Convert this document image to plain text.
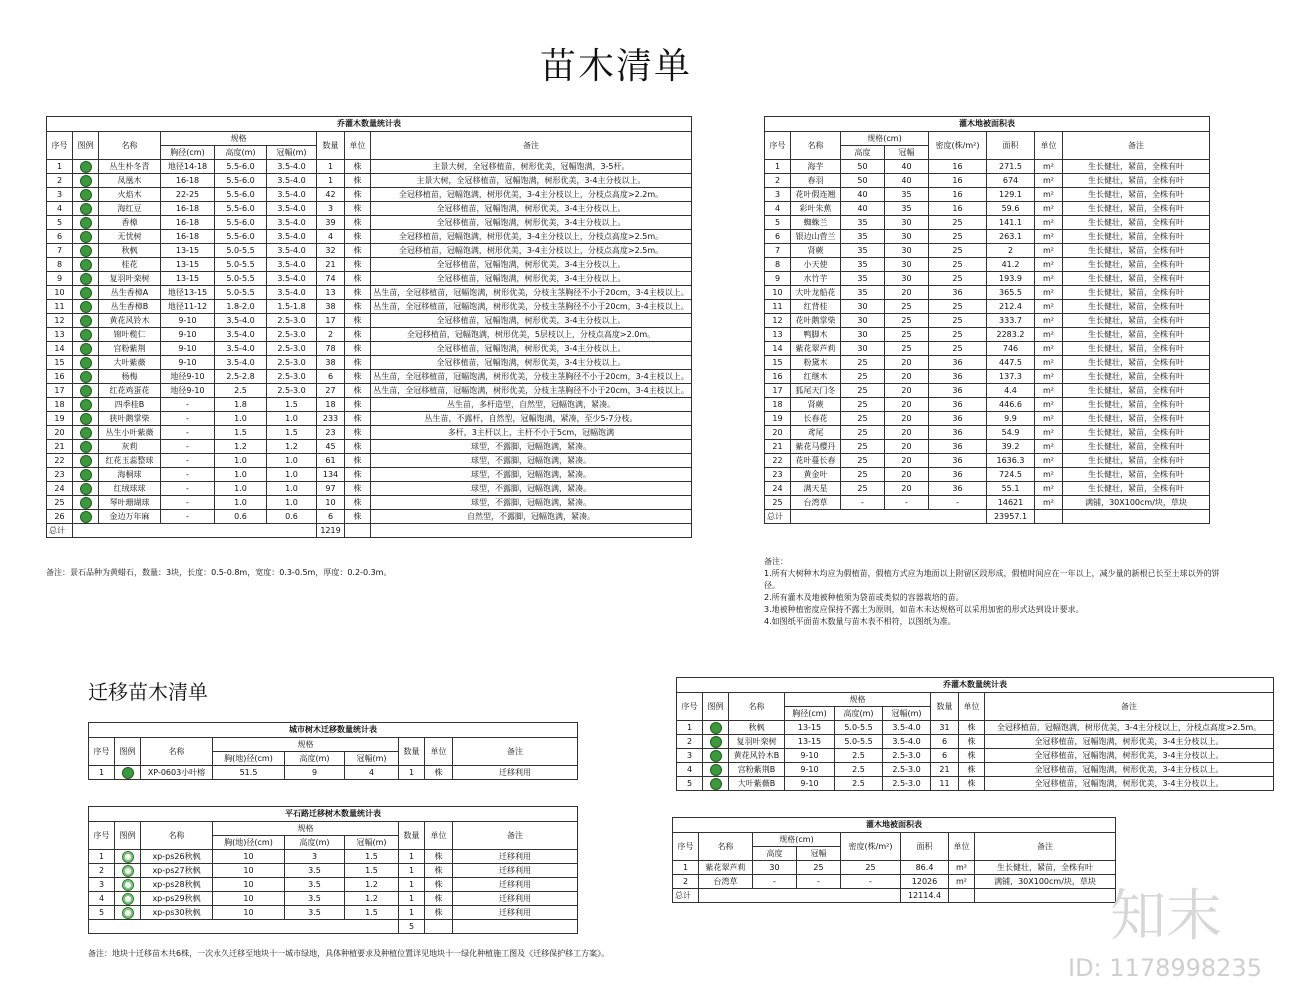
苗木清单
迁移苗木清单
乔灌木数量统计表								
序号	图例	名称	规格			数量	单位	备注
			胸径(cm)	高度(m)	冠幅(m)			
1		丛生朴冬青	地径14-18	5.5-6.0	3.5-4.0	1	株	主景大树，全冠移植苗，树形优美，冠幅饱满，3-5杆。
2		凤凰木	16-18	5.5-6.0	3.5-4.0	1	株	主景大树，全冠移植苗，冠幅饱满，树形优美，3-4主分枝以上。
3		火焰木	22-25	5.5-6.0	3.5-4.0	42	株	全冠移植苗，冠幅饱满，树形优美，3-4主分枝以上，分枝点高度>2.2m。
4		海红豆	16-18	5.5-6.0	3.5-4.0	3	株	全冠移植苗，冠幅饱满，树形优美，3-4主分枝以上。
5		香樟	16-18	5.5-6.0	3.5-4.0	39	株	全冠移植苗，冠幅饱满，树形优美，3-4主分枝以上。
6		无忧树	16-18	5.5-6.0	3.5-4.0	4	株	全冠移植苗，冠幅饱满，树形优美，3-4主分枝以上，分枝点高度>2.5m。
7		秋枫	13-15	5.0-5.5	3.5-4.0	32	株	全冠移植苗，冠幅饱满，树形优美，3-4主分枝以上，分枝点高度>2.5m。
8		桂花	13-15	5.0-5.5	3.5-4.0	21	株	全冠移植苗，冠幅饱满，树形优美，3-4主分枝以上。
9		复羽叶栾树	13-15	5.0-5.5	3.5-4.0	74	株	全冠移植苗，冠幅饱满，树形优美，3-4主分枝以上。
10		丛生香樟A	地径13-15	5.0-5.5	3.5-4.0	13	株	丛生苗，全冠移植苗，冠幅饱满，树形优美，分枝主茎胸径不小于20cm，3-4主枝以上。
11		丛生香樟B	地径11-12	1.8-2.0	1.5-1.8	38	株	丛生苗，全冠移植苗，冠幅饱满，树形优美，分枝主茎胸径不小于20cm，3-4主枝以上。
12		黄花风铃木	9-10	3.5-4.0	2.5-3.0	17	株	全冠移植苗，冠幅饱满，树形优美，3-4主分枝以上。
13		锦叶榄仁	9-10	3.5-4.0	2.5-3.0	2	株	全冠移植苗，冠幅饱满，树形优美，5层枝以上，分枝点高度>2.0m。
14		宫粉紫荆	9-10	3.5-4.0	2.5-3.0	78	株	全冠移植苗，冠幅饱满，树形优美，3-4主分枝以上。
15		大叶紫薇	9-10	3.5-4.0	2.5-3.0	38	株	全冠移植苗，冠幅饱满，树形优美，3-4主分枝以上。
16		杨梅	地径9-10	2.5-2.8	2.5-3.0	6	株	丛生苗，全冠移植苗，冠幅饱满，树形优美，分枝主茎胸径不小于20cm，3-4主枝以上。
17		红花鸡蛋花	地径9-10	2.5	2.5-3.0	27	株	丛生苗，全冠移植苗，冠幅饱满，树形优美，分枝主茎胸径不小于20cm，3-4主枝以上。
18		四季桂B	-	1.8	1.5	18	株	丛生苗，多杆造型，自然型，冠幅饱满，紧凑。
19		狭叶鹅掌柴	-	1.0	1.0	233	株	丛生苗，不露杆，自然型，冠幅饱满，紧凑，至少5-7分枝。
20		丛生小叶紫薇	-	1.5	1.5	23	株	多杆，3主杆以上，主杆不小于5cm，冠幅饱满
21		灰莉	-	1.2	1.2	45	株	球型，不露脚，冠幅饱满，紧凑。
22		红花玉蕊整球	-	1.0	1.0	61	株	球型，不露脚，冠幅饱满，紧凑。
23		海桐球	-	1.0	1.0	134	株	球型，不露脚，冠幅饱满，紧凑。
24		红绒球球	-	1.0	1.0	97	株	球型，不露脚，冠幅饱满，紧凑。
25		琴叶珊瑚球	-	1.0	1.0	10	株	球型，不露脚，冠幅饱满，紧凑。
26		金边万年麻	-	0.6	0.6	6	株	自然型，不露脚，冠幅饱满，紧凑。
总计						1219		
备注：景石品种为黄蜡石，数量：3块，长度：0.5-0.8m，宽度：0.3-0.5m，厚度：0.2-0.3m。
灌木地被面积表							
序号	名称	规格(cm)		密度(株/m²)	面积	单位	备注
		高度	冠幅				
1	海芋	50	40	16	271.5	m²	生长健壮，紧苗，全株有叶
2	春羽	50	40	16	674	m²	生长健壮，紧苗，全株有叶
3	花叶假连翘	40	35	16	129.1	m²	生长健壮，紧苗，全株有叶
4	彩叶朱蕉	40	35	16	59.6	m²	生长健壮，紧苗，全株有叶
5	蜘蛛兰	35	30	25	141.1	m²	生长健壮，紧苗，全株有叶
6	银边山菅兰	35	30	25	263.1	m²	生长健壮，紧苗，全株有叶
7	肾蕨	35	30	25	2	m²	生长健壮，紧苗，全株有叶
8	小天使	35	30	25	41.2	m²	生长健壮，紧苗，全株有叶
9	水竹芋	35	30	25	193.9	m²	生长健壮，紧苗，全株有叶
10	大叶龙船花	35	20	36	365.5	m²	生长健壮，紧苗，全株有叶
11	红背桂	30	25	25	212.4	m²	生长健壮，紧苗，全株有叶
12	花叶鹅掌柴	30	25	25	333.7	m²	生长健壮，紧苗，全株有叶
13	鸭脚木	30	25	25	2283.2	m²	生长健壮，紧苗，全株有叶
14	紫花翠芦莉	30	25	25	746	m²	生长健壮，紧苗，全株有叶
15	粉黛木	25	20	36	447.5	m²	生长健壮，紧苗，全株有叶
16	红继木	25	20	36	137.3	m²	生长健壮，紧苗，全株有叶
17	狐尾天门冬	25	20	36	4.4	m²	生长健壮，紧苗，全株有叶
18	肾蕨	25	20	36	446.6	m²	生长健壮，紧苗，全株有叶
19	长春花	25	20	36	9.9	m²	生长健壮，紧苗，全株有叶
20	鸢尾	25	20	36	54.9	m²	生长健壮，紧苗，全株有叶
21	紫花马樱丹	25	20	36	39.2	m²	生长健壮，紧苗，全株有叶
22	花叶蔓长春	25	20	36	1636.3	m²	生长健壮，紧苗，全株有叶
23	黄金叶	25	20	36	724.5	m²	生长健壮，紧苗，全株有叶
24	满天星	25	20	36	55.1	m²	生长健壮，紧苗，全株有叶
25	台湾草	-	-	-	14621	m²	满铺，30X100cm/块，草块
总计					23957.1		
备注：
1.所有大树种木均应为假植苗，假植方式应为地面以上附留区段形成，假植时间应在一年以上，减少量的新根已长至土球以外的饼径。
2.所有灌木及地被种植须为袋苗或类似的容器栽培的苗。
3.地被种植密度应保持不露土为原则，如苗木未达规格可以采用加密的形式达到设计要求。
4.如图纸平面苗木数量与苗木表不相符，以图纸为准。
乔灌木数量统计表								
序号	图例	名称	规格			数量	单位	备注
			胸径(cm)	高度(m)	冠幅(m)			
1		秋枫	13-15	5.0-5.5	3.5-4.0	31	株	全冠移植苗，冠幅饱满，树形优美，3-4主分枝以上，分枝点高度>2.5m。
2		复羽叶栾树	13-15	5.0-5.5	3.5-4.0	6	株	全冠移植苗，冠幅饱满，树形优美，3-4主分枝以上。
3		黄花风铃木B	9-10	2.5	2.5-3.0	6	株	全冠移植苗，冠幅饱满，树形优美，3-4主分枝以上。
4		宫粉紫荆B	9-10	2.5	2.5-3.0	21	株	全冠移植苗，冠幅饱满，树形优美，3-4主分枝以上。
5		大叶紫薇B	9-10	2.5	2.5-3.0	11	株	全冠移植苗，冠幅饱满，树形优美，3-4主分枝以上。
灌木地被面积表							
序号	名称	规格(cm)		密度(株/m²)	面积	单位	备注
		高度	冠幅				
1	紫花翠芦莉	30	25	25	86.4	m²	生长健壮，紧苗，全株有叶
2	台湾草	-	-	-	12026	m²	满铺，30X100cm/块，草块
总计					12114.4		
城市树木迁移数量统计表								
序号	图例	名称	规格			数量	单位	备注
			胸(地)径(cm)	高度(m)	冠幅(m)			
1		XP-0603小叶榕	51.5	9	4	1	株	迁移利用
平石路迁移树木数量统计表								
序号	图例	名称	规格			数量	单位	备注
			胸(地)径(cm)	高度(m)	冠幅(m)			
1		xp-ps26秋枫	10	3	1.5	1	株	迁移利用
2		xp-ps27秋枫	10	3.5	1.5	1	株	迁移利用
3		xp-ps28秋枫	10	3.5	1.2	1	株	迁移利用
4		xp-ps29秋枫	10	3.5	1.2	1	株	迁移利用
5		xp-ps30秋枫	10	3.5	1.5	1	株	迁移利用
						5		
备注：地块十迁移苗木共6株，一次永久迁移至地块十一城市绿地，具体种植要求及种植位置详见地块十一绿化种植施工图及《迁移保护移工方案》。
知末
ID: 1178998235
